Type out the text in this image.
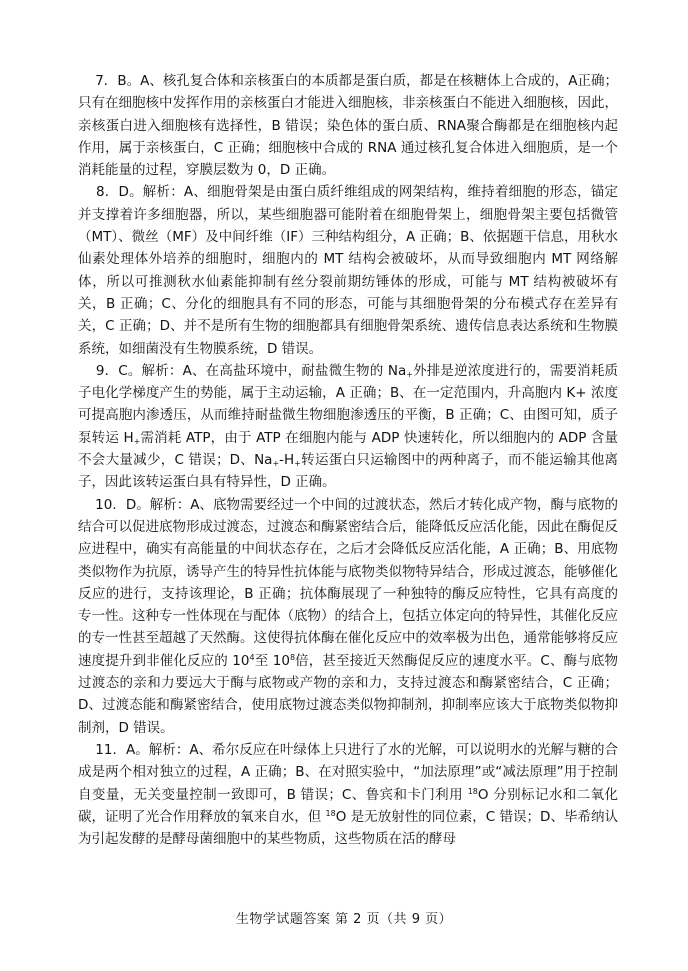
7．B。A、核孔复合体和亲核蛋白的本质都是蛋白质，都是在核糖体上合成的，A正确；只有在细胞核中发挥作用的亲核蛋白才能进入细胞核，非亲核蛋白不能进入细胞核，因此，亲核蛋白进入细胞核有选择性，B 错误；染色体的蛋白质、RNA聚合酶都是在细胞核内起作用，属于亲核蛋白，C 正确；细胞核中合成的 RNA 通过核孔复合体进入细胞质，是一个消耗能量的过程，穿膜层数为 0，D 正确。

8．D。解析：A、细胞骨架是由蛋白质纤维组成的网架结构，维持着细胞的形态，锚定并支撑着许多细胞器，所以，某些细胞器可能附着在细胞骨架上，细胞骨架主要包括微管（MT）、微丝（MF）及中间纤维（IF）三种结构组分，A 正确；B、依据题干信息，用秋水仙素处理体外培养的细胞时，细胞内的 MT 结构会被破坏，从而导致细胞内 MT 网络解体，所以可推测秋水仙素能抑制有丝分裂前期纺锤体的形成，可能与 MT 结构被破坏有关，B 正确；C、分化的细胞具有不同的形态，可能与其细胞骨架的分布模式存在差异有关，C 正确；D、并不是所有生物的细胞都具有细胞骨架系统、遗传信息表达系统和生物膜系统，如细菌没有生物膜系统，D 错误。

9．C。解析：A、在高盐环境中，耐盐微生物的 $Na_+$外排是逆浓度进行的，需要消耗质子电化学梯度产生的势能，属于主动运输，A 正确；B、在一定范围内，升高胞内 K+ 浓度可提高胞内渗透压，从而维持耐盐微生物细胞渗透压的平衡，B 正确；C、由图可知，质子泵转运 $H_+$需消耗 ATP，由于 ATP 在细胞内能与 ADP 快速转化，所以细胞内的 ADP 含量不会大量减少，C 错误；D、$Na_+-H_+$转运蛋白只运输图中的两种离子，而不能运输其他离子，因此该转运蛋白具有特异性，D 正确。

10．D。解析：A、底物需要经过一个中间的过渡状态，然后才转化成产物，酶与底物的结合可以促进底物形成过渡态，过渡态和酶紧密结合后，能降低反应活化能，因此在酶促反应进程中，确实有高能量的中间状态存在，之后才会降低反应活化能，A 正确；B、用底物类似物作为抗原，诱导产生的特异性抗体能与底物类似物特异结合，形成过渡态，能够催化反应的进行，支持该理论，B 正确；抗体酶展现了一种独特的酶反应特性，它具有高度的专一性。这种专一性体现在与配体（底物）的结合上，包括立体定向的特异性，其催化反应的专一性甚至超越了天然酶。这使得抗体酶在催化反应中的效率极为出色，通常能够将反应速度提升到非催化反应的 $10^4$至 $10^8$倍，甚至接近天然酶促反应的速度水平。C、酶与底物过渡态的亲和力要远大于酶与底物或产物的亲和力，支持过渡态和酶紧密结合，C 正确；D、过渡态能和酶紧密结合，使用底物过渡态类似物抑制剂，抑制率应该大于底物类似物抑制剂，D 错误。

11．A。解析：A、希尔反应在叶绿体上只进行了水的光解，可以说明水的光解与糖的合成是两个相对独立的过程，A 正确；B、在对照实验中，“加法原理”或“减法原理”用于控制自变量，无关变量控制一致即可，B 错误；C、鲁宾和卡门利用 $^{18}$O 分别标记水和二氧化碳，证明了光合作用释放的氧来自水，但 $^{18}$O 是无放射性的同位素，C 错误；D、毕希纳认为引起发酵的是酵母菌细胞中的某些物质，这些物质在活的酵母

生物学试题答案 第 2 页（共 9 页）
